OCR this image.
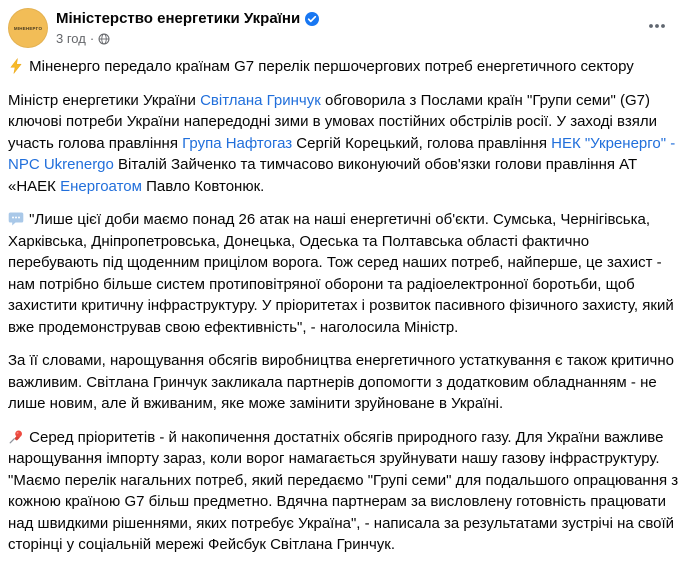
МІНЕНЕРГО
Міністерство енергетики України
3 год ·

Міненерго передало країнам G7 перелік першочергових потреб енергетичного сектору

Міністр енергетики України Світлана Гринчук обговорила з Послами країн "Групи семи" (G7) ключові потреби України напередодні зими в умовах постійних обстрілів росії. У заході взяли участь голова правління Група Нафтогаз Сергій Корецький, голова правління НЕК "Укренерго" - NPC Ukrenergo Віталій Зайченко та тимчасово виконуючий обов'язки голови правління АТ «НАЕК Енергоатом Павло Ковтонюк.

"Лише цієї доби маємо понад 26 атак на наші енергетичні об'єкти. Сумська, Чернігівська, Харківська, Дніпропетровська, Донецька, Одеська та Полтавська області фактично перебувають під щоденним прицілом ворога. Тож серед наших потреб, найперше, це захист - нам потрібно більше систем протиповітряної оборони та радіоелектронної боротьби, щоб захистити критичну інфраструктуру. У пріоритетах і розвиток пасивного фізичного захисту, який вже продемонстрував свою ефективність", - наголосила Міністр.

За її словами, нарощування обсягів виробництва енергетичного устаткування є також критично важливим. Світлана Гринчук закликала партнерів допомогти з додатковим обладнанням - не лише новим, але й вживаним, яке може замінити зруйноване в Україні.

Серед пріоритетів - й накопичення достатніх обсягів природного газу. Для України важливе нарощування імпорту зараз, коли ворог намагається зруйнувати нашу газову інфраструктуру. "Маємо перелік нагальних потреб, який передаємо "Групі семи" для подальшого опрацювання з кожною країною G7 більш предметно. Вдячна партнерам за висловлену готовність працювати над швидкими рішеннями, яких потребує Україна", - написала за результатами зустрічі на своїй сторінці у соціальній мережі Фейсбук Світлана Гринчук.
